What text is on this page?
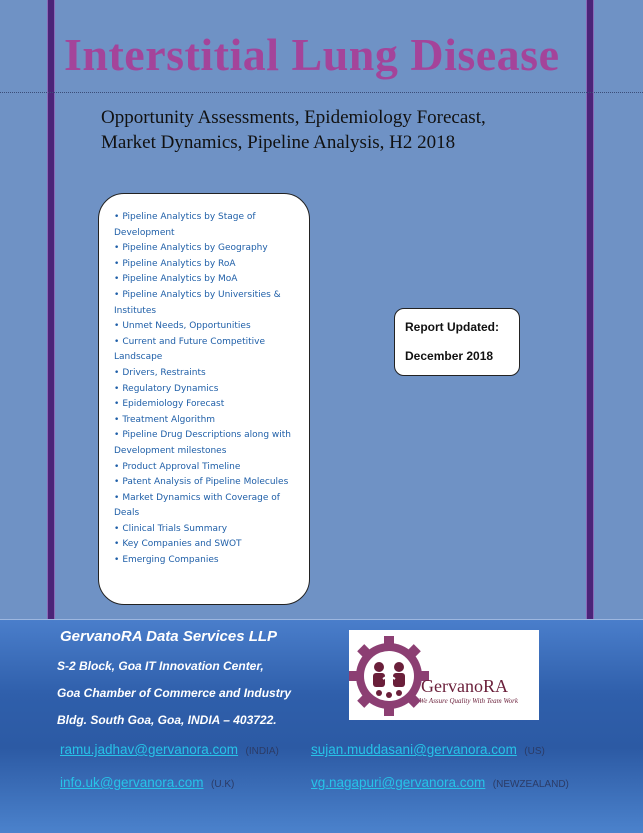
Interstitial Lung Disease
Opportunity Assessments, Epidemiology Forecast,
Market Dynamics, Pipeline Analysis, H2 2018
• Pipeline Analytics by Stage of
Development
• Pipeline Analytics by Geography
• Pipeline Analytics by RoA
• Pipeline Analytics by MoA
• Pipeline Analytics by Universities &
Institutes
• Unmet Needs, Opportunities
• Current and Future Competitive
Landscape
• Drivers, Restraints
• Regulatory Dynamics
• Epidemiology Forecast
• Treatment Algorithm
• Pipeline Drug Descriptions along with
Development milestones
• Product Approval Timeline
• Patent Analysis of Pipeline Molecules
• Market Dynamics with Coverage of
Deals
• Clinical Trials Summary
• Key Companies and SWOT
• Emerging Companies
Report Updated:
December 2018
GervanoRA Data Services LLP
S-2 Block, Goa IT Innovation Center,
Goa Chamber of Commerce and Industry
Bldg. South Goa, Goa, INDIA – 403722.
ramu.jadhav@gervanora.com (INDIA) sujan.muddasani@gervanora.com (US)
info.uk@gervanora.com (U.K)	vg.nagapuri@gervanora.com (NEWZEALAND)
GervanoRA
We Assure Quality With Team Work
